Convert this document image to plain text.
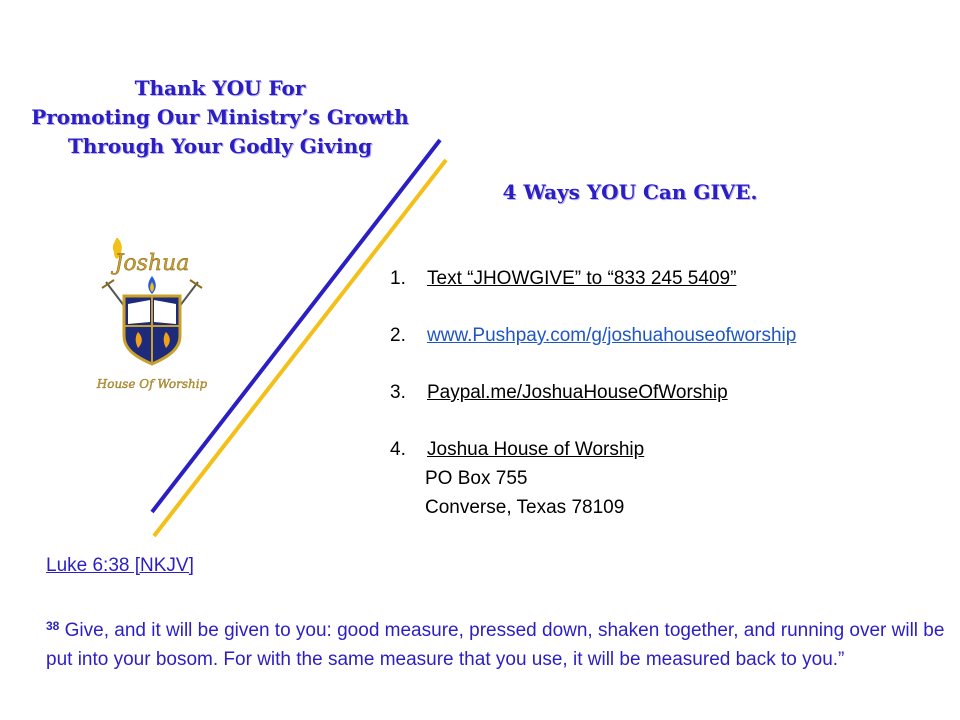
Thank YOU For
Promoting Our Ministry’s Growth
Through Your Godly Giving
4 Ways YOU Can GIVE.
Joshua
House Of Worship
1. Text “JHOWGIVE” to “833 245 5409”
2. www.Pushpay.com/g/joshuahouseofworship
3. Paypal.me/JoshuaHouseOfWorship
4. Joshua House of Worship
PO Box 755
Converse, Texas 78109
Luke 6:38 [NKJV]
$^{38}$ Give, and it will be given to you: good measure, pressed down, shaken together, and running over will be put into your bosom. For with the same measure that you use, it will be measured back to you.”
